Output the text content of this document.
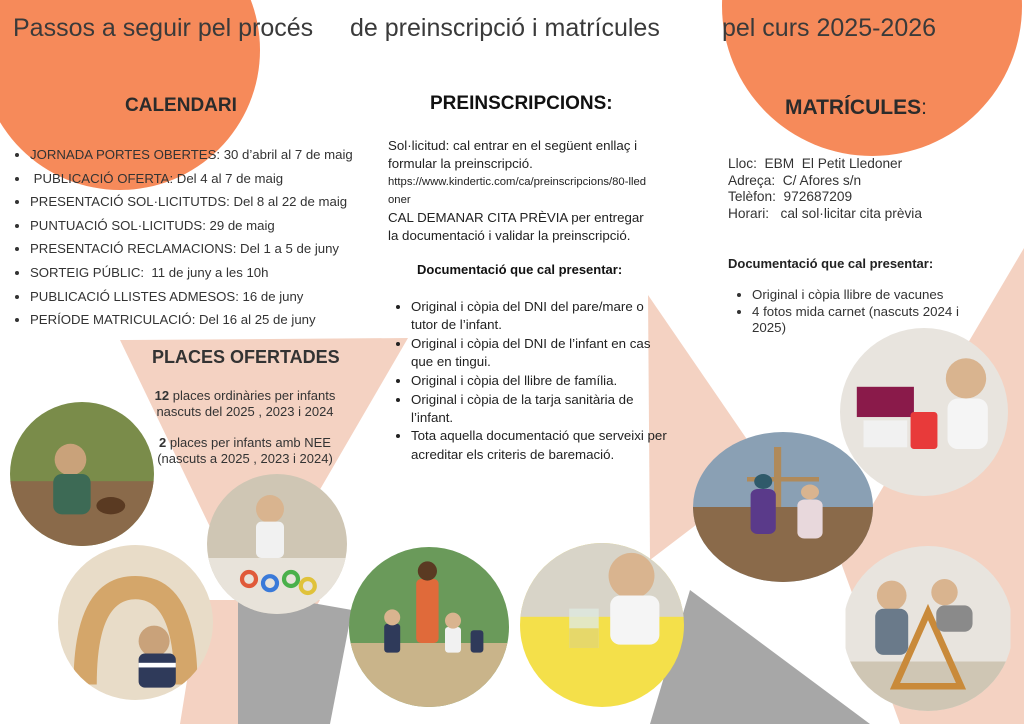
Passos a seguir pel procés de preinscripció i matrícules pel curs 2025-2026
CALENDARI
• JORNADA PORTES OBERTES: 30 d’abril al 7 de maig
•  PUBLICACIÓ OFERTA: Del 4 al 7 de maig
• PRESENTACIÓ SOL·LICITUTDS: Del 8 al 22 de maig
• PUNTUACIÓ SOL·LICITUDS: 29 de maig
• PRESENTACIÓ RECLAMACIONS: Del 1 a 5 de juny
• SORTEIG PÚBLIC:  11 de juny a les 10h
• PUBLICACIÓ LLISTES ADMESOS: 16 de juny
• PERÍODE MATRICULACIÓ: Del 16 al 25 de juny
PLACES OFERTADES

12 places ordinàries per infants nascuts del 2025 , 2023 i 2024

2 places per infants amb NEE (nascuts a 2025 , 2023 i 2024)

PREINSCRIPCIONS:
Sol·licitud: cal entrar en el següent enllaç i formular la preinscripció.
https://www.kindertic.com/ca/preinscripcions/80-lledoner
CAL DEMANAR CITA PRÈVIA per entregar la documentació i validar la preinscripció.
Documentació que cal presentar:
• Original i còpia del DNI del pare/mare o tutor de l’infant.
• Original i còpia del DNI de l’infant en cas que en tingui.
• Original i còpia del llibre de família.
• Original i còpia de la tarja sanitària de l’infant.
• Tota aquella documentació que serveixi per acreditar els criteris de baremació.
MATRÍCULES:
Lloc:  EBM  El Petit Lledoner
Adreça:  C/ Afores s/n
Telèfon:  972687209
Horari:   cal sol·licitar cita prèvia
Documentació que cal presentar:
• Original i còpia llibre de vacunes
• 4 fotos mida carnet (nascuts 2024 i 2025)
